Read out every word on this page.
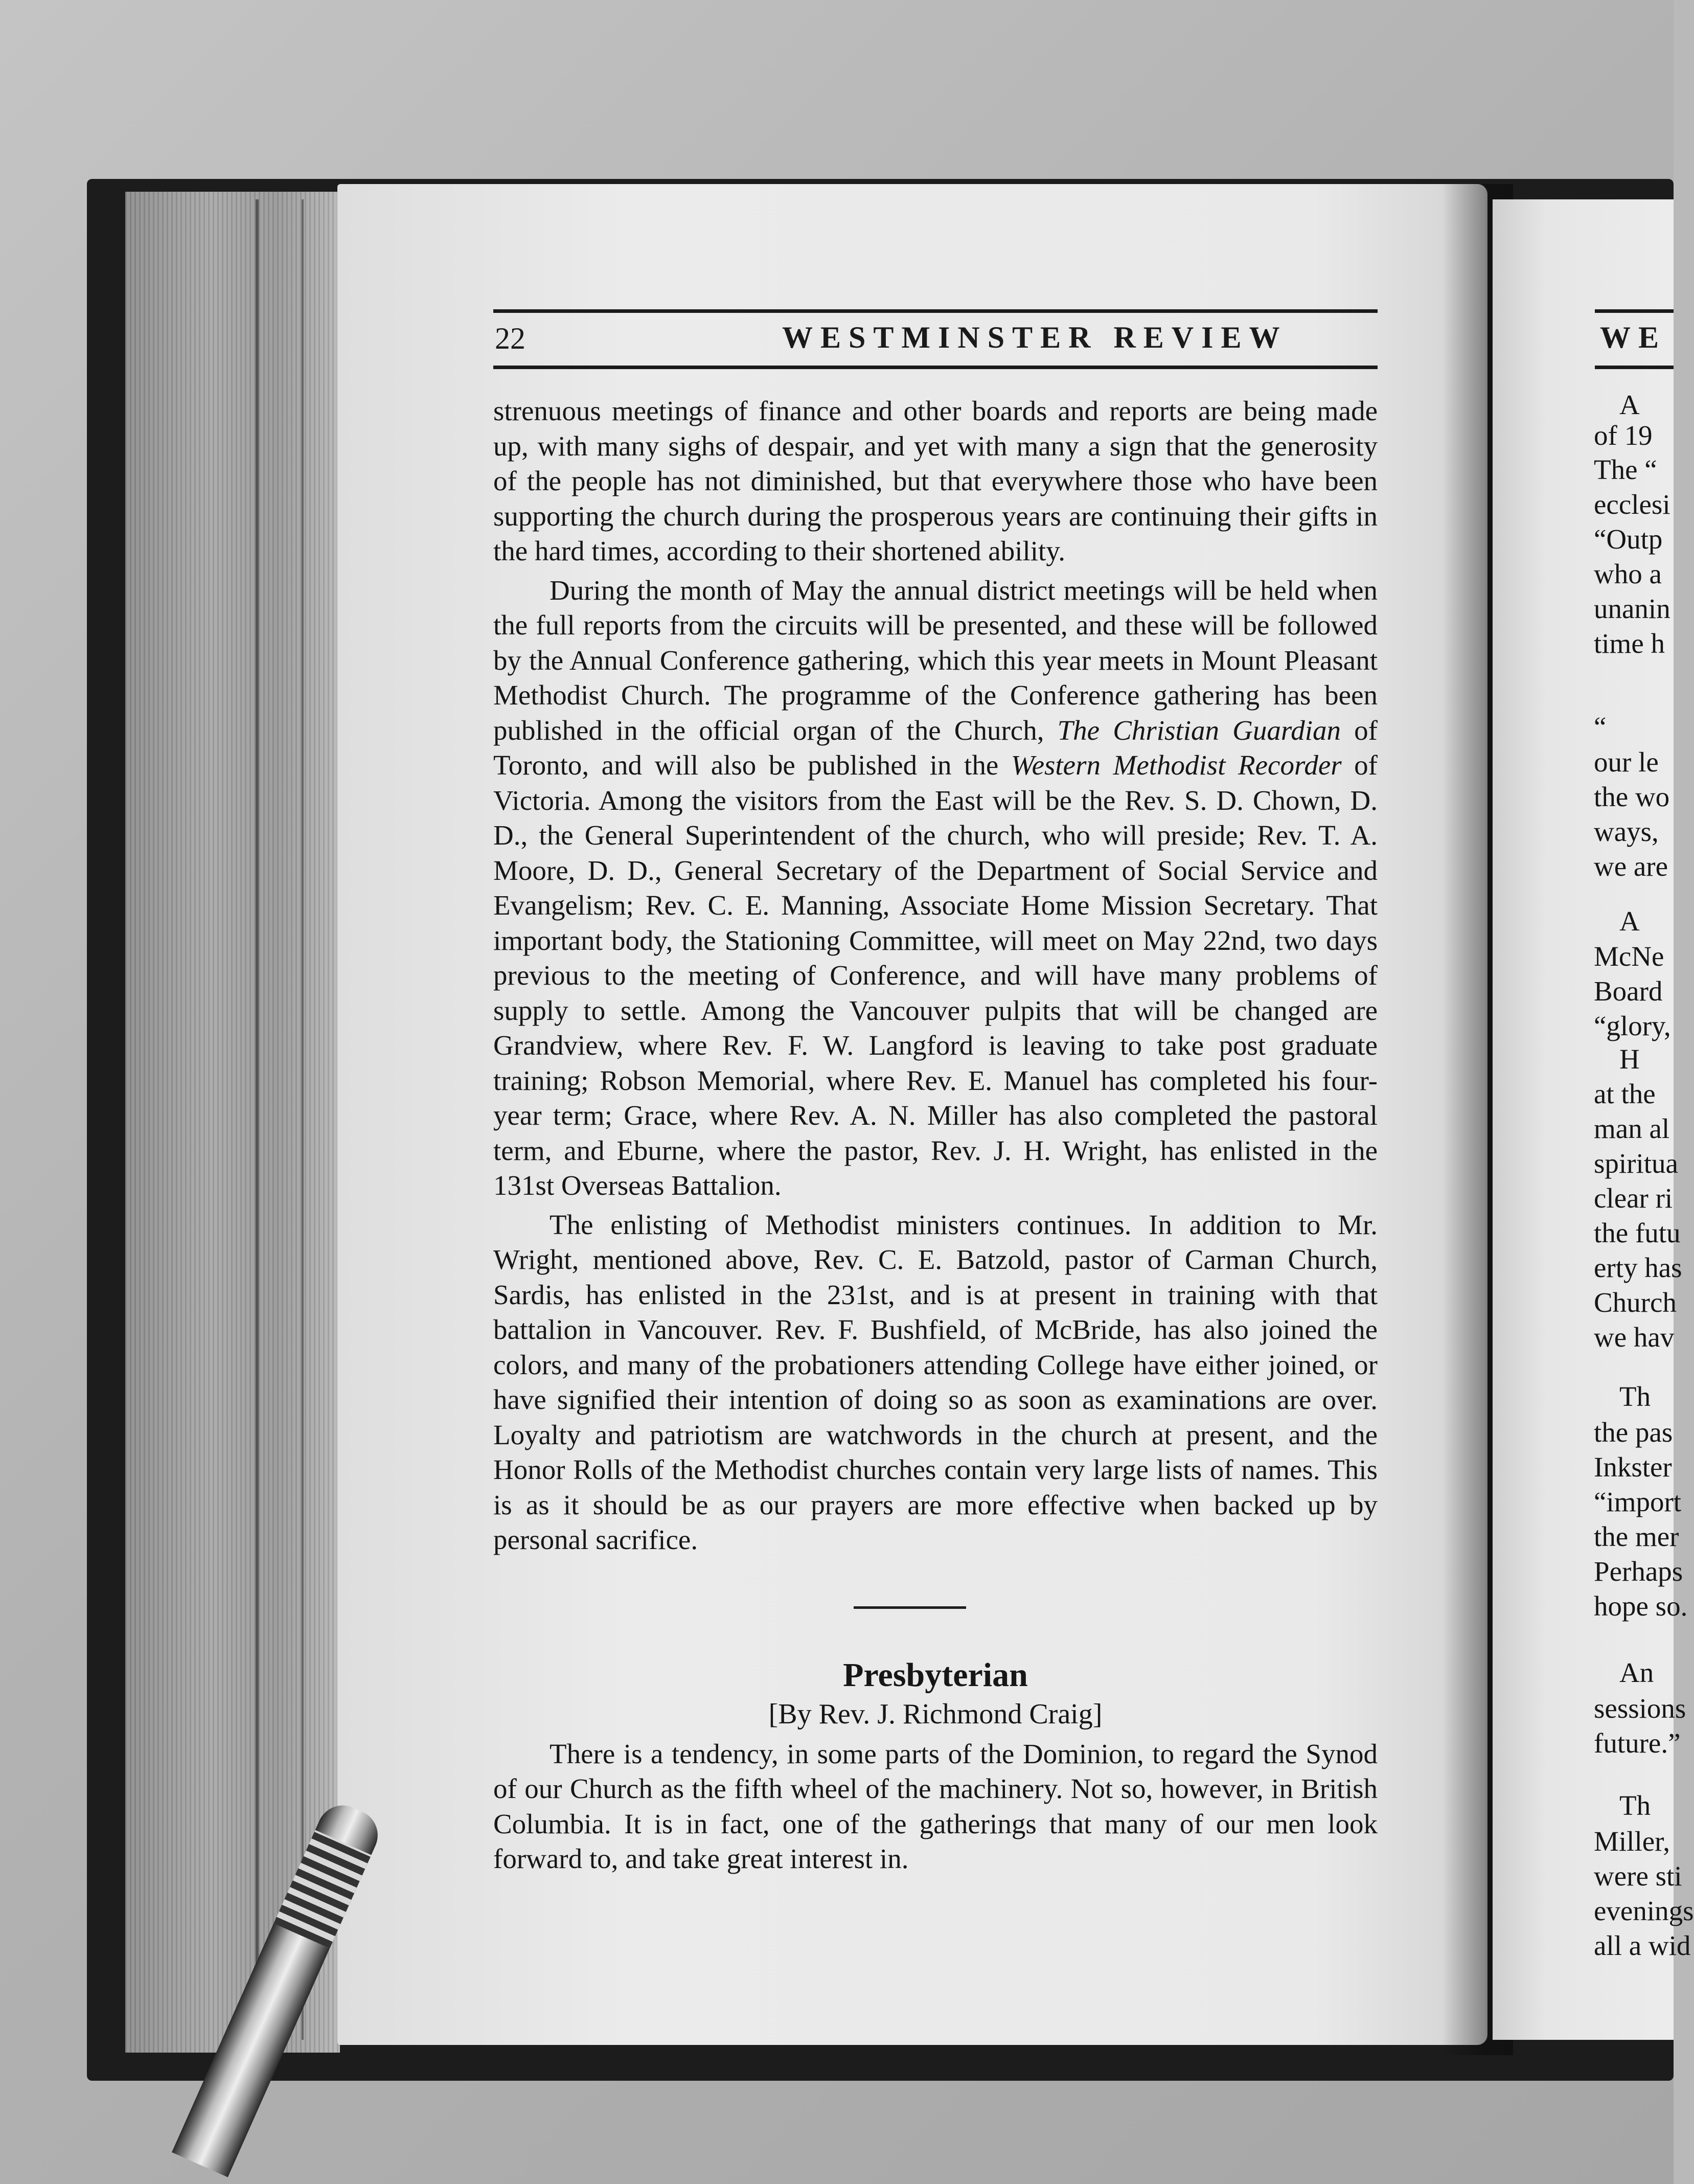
22	WESTMINSTER REVIEW

strenuous meetings of finance and other boards and reports are being made up, with many sighs of despair, and yet with many a sign that the generosity of the people has not diminished, but that everywhere those who have been supporting the church during the prosperous years are continuing their gifts in the hard times, according to their shortened ability.

During the month of May the annual district meetings will be held when the full reports from the circuits will be presented, and these will be followed by the Annual Conference gathering, which this year meets in Mount Pleasant Methodist Church. The programme of the Conference gathering has been published in the official organ of the Church, The Christian Guardian of Toronto, and will also be published in the Western Methodist Recorder of Victoria. Among the visitors from the East will be the Rev. S. D. Chown, D. D., the General Superintendent of the church, who will preside; Rev. T. A. Moore, D. D., General Secretary of the Department of Social Service and Evangelism; Rev. C. E. Manning, Associate Home Mission Secretary. That important body, the Stationing Committee, will meet on May 22nd, two days previous to the meeting of Conference, and will have many problems of supply to settle. Among the Vancouver pulpits that will be changed are Grandview, where Rev. F. W. Langford is leaving to take post graduate training; Robson Memorial, where Rev. E. Manuel has completed his four-year term; Grace, where Rev. A. N. Miller has also completed the pastoral term, and Eburne, where the pastor, Rev. J. H. Wright, has enlisted in the 131st Overseas Battalion.

The enlisting of Methodist ministers continues. In addition to Mr. Wright, mentioned above, Rev. C. E. Batzold, pastor of Carman Church, Sardis, has enlisted in the 231st, and is at present in training with that battalion in Vancouver. Rev. F. Bushfield, of McBride, has also joined the colors, and many of the probationers attending College have either joined, or have signified their intention of doing so as soon as examinations are over. Loyalty and patriotism are watchwords in the church at present, and the Honor Rolls of the Methodist churches contain very large lists of names. This is as it should be as our prayers are more effective when backed up by personal sacrifice.

Presbyterian

[By Rev. J. Richmond Craig]

There is a tendency, in some parts of the Dominion, to regard the Synod of our Church as the fifth wheel of the machinery. Not so, however, in British Columbia. It is in fact, one of the gatherings that many of our men look forward to, and take great interest in.

WE
A
of 19
The “
ecclesi
“Outp
who a
unanin
time h
“
our le
the wo
ways,
we are
A
McNe
Board
“glory,
H
at the
man al
spiritua
clear ri
the futu
erty has
Church
we hav
Th
the pas
Inkster
“import
the mer
Perhaps
hope so.
An
sessions
future.”
Th
Miller,
were sti
evenings
all a wid
